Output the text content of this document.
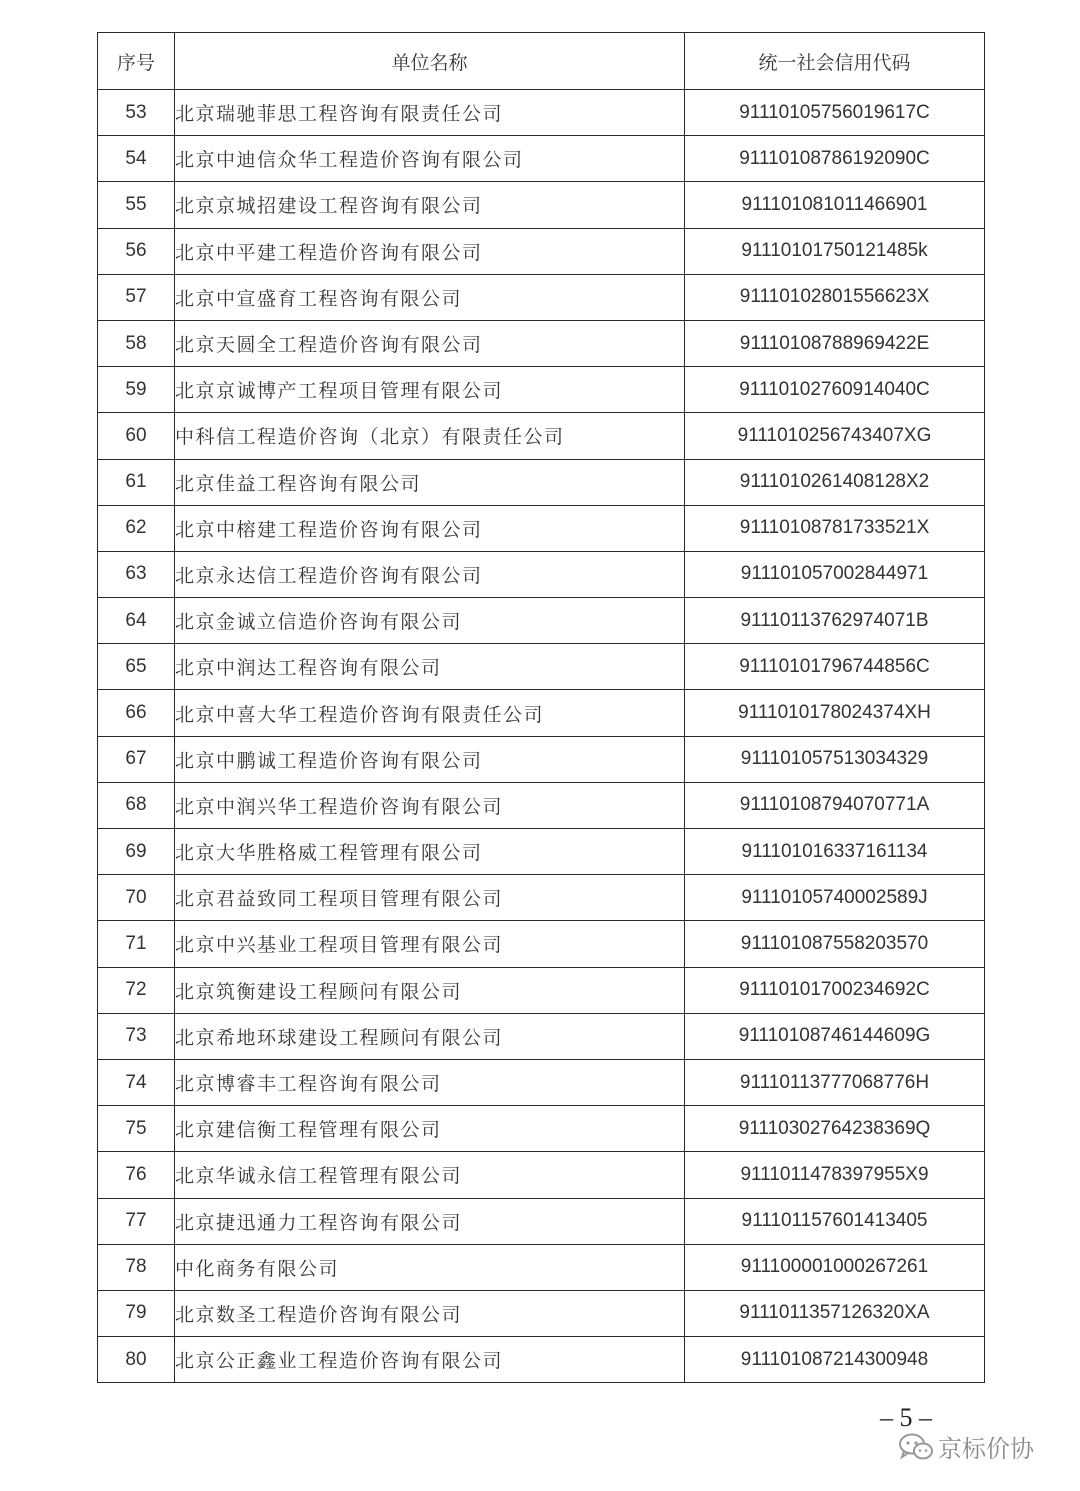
序号	单位名称	统一社会信用代码
53	北京瑞驰菲思工程咨询有限责任公司	91110105756019617C
54	北京中迪信众华工程造价咨询有限公司	91110108786192090C
55	北京京城招建设工程咨询有限公司	911101081011466901
56	北京中平建工程造价咨询有限公司	91110101750121485k
57	北京中宣盛育工程咨询有限公司	91110102801556623X
58	北京天圆全工程造价咨询有限公司	91110108788969422E
59	北京京诚博产工程项目管理有限公司	91110102760914040C
60	中科信工程造价咨询（北京）有限责任公司	9111010256743407XG
61	北京佳益工程咨询有限公司	9111010261408128X2
62	北京中榕建工程造价咨询有限公司	91110108781733521X
63	北京永达信工程造价咨询有限公司	911101057002844971
64	北京金诚立信造价咨询有限公司	91110113762974071B
65	北京中润达工程咨询有限公司	91110101796744856C
66	北京中喜大华工程造价咨询有限责任公司	9111010178024374XH
67	北京中鹏诚工程造价咨询有限公司	911101057513034329
68	北京中润兴华工程造价咨询有限公司	91110108794070771A
69	北京大华胜格威工程管理有限公司	911101016337161134
70	北京君益致同工程项目管理有限公司	91110105740002589J
71	北京中兴基业工程项目管理有限公司	911101087558203570
72	北京筑衡建设工程顾问有限公司	91110101700234692C
73	北京希地环球建设工程顾问有限公司	91110108746144609G
74	北京博睿丰工程咨询有限公司	91110113777068776H
75	北京建信衡工程管理有限公司	91110302764238369Q
76	北京华诚永信工程管理有限公司	9111011478397955X9
77	北京捷迅通力工程咨询有限公司	911101157601413405
78	中化商务有限公司	911100001000267261
79	北京数圣工程造价咨询有限公司	9111011357126320XA
80	北京公正鑫业工程造价咨询有限公司	911101087214300948
– 5 –
京标价协
